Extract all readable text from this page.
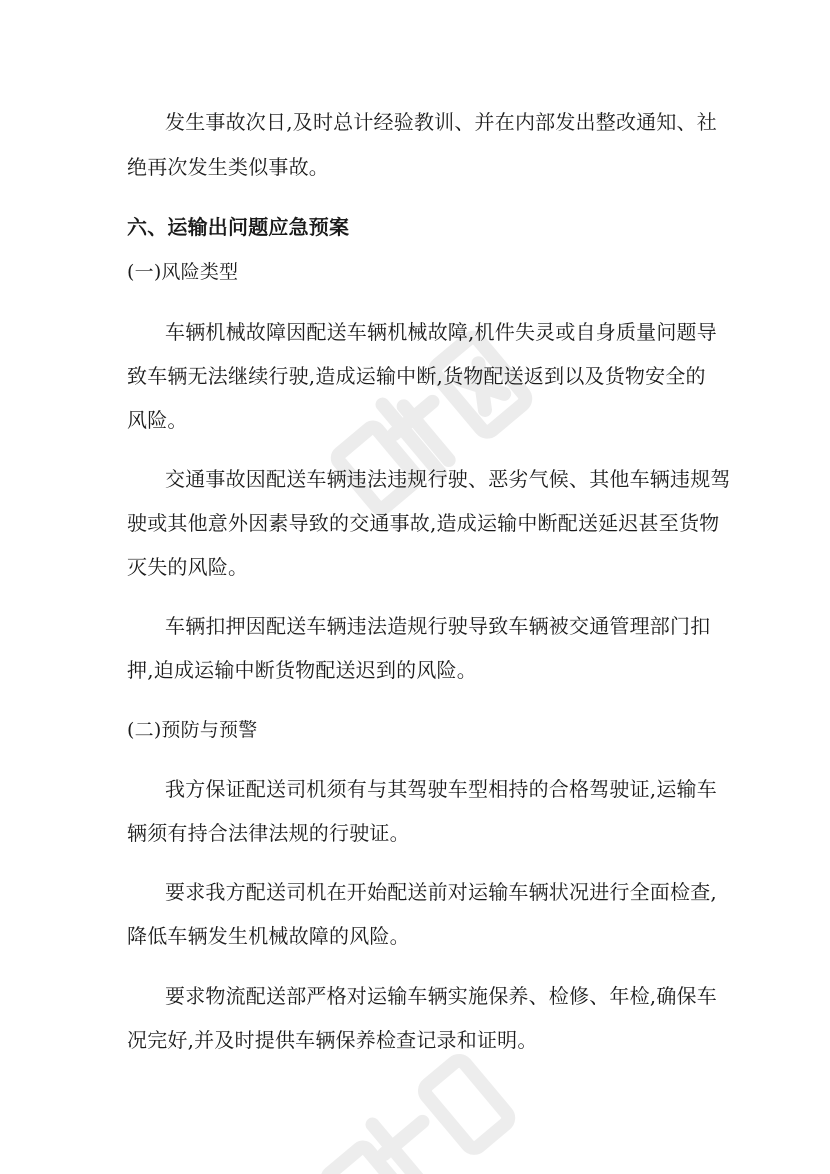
发生事故次日,及时总计经验教训、并在内部发出整改通知、社
绝再次发生类似事故。
六、运输出问题应急预案
(一)风险类型
车辆机械故障因配送车辆机械故障,机件失灵或自身质量问题导
致车辆无法继续行驶,造成运输中断,货物配送返到以及货物安全的
风险。
交通事故因配送车辆违法违规行驶、恶劣气候、其他车辆违规驾
驶或其他意外因素导致的交通事故,造成运输中断配送延迟甚至货物
灭失的风险。
车辆扣押因配送车辆违法造规行驶导致车辆被交通管理部门扣
押,迫成运输中断货物配送迟到的风险。
(二)预防与预警
我方保证配送司机须有与其驾驶车型相持的合格驾驶证,运输车
辆须有持合法律法规的行驶证。
要求我方配送司机在开始配送前对运输车辆状况进行全面检查,
降低车辆发生机械故障的风险。
要求物流配送部严格对运输车辆实施保养、检修、年检,确保车
况完好,并及时提供车辆保养检查记录和证明。
